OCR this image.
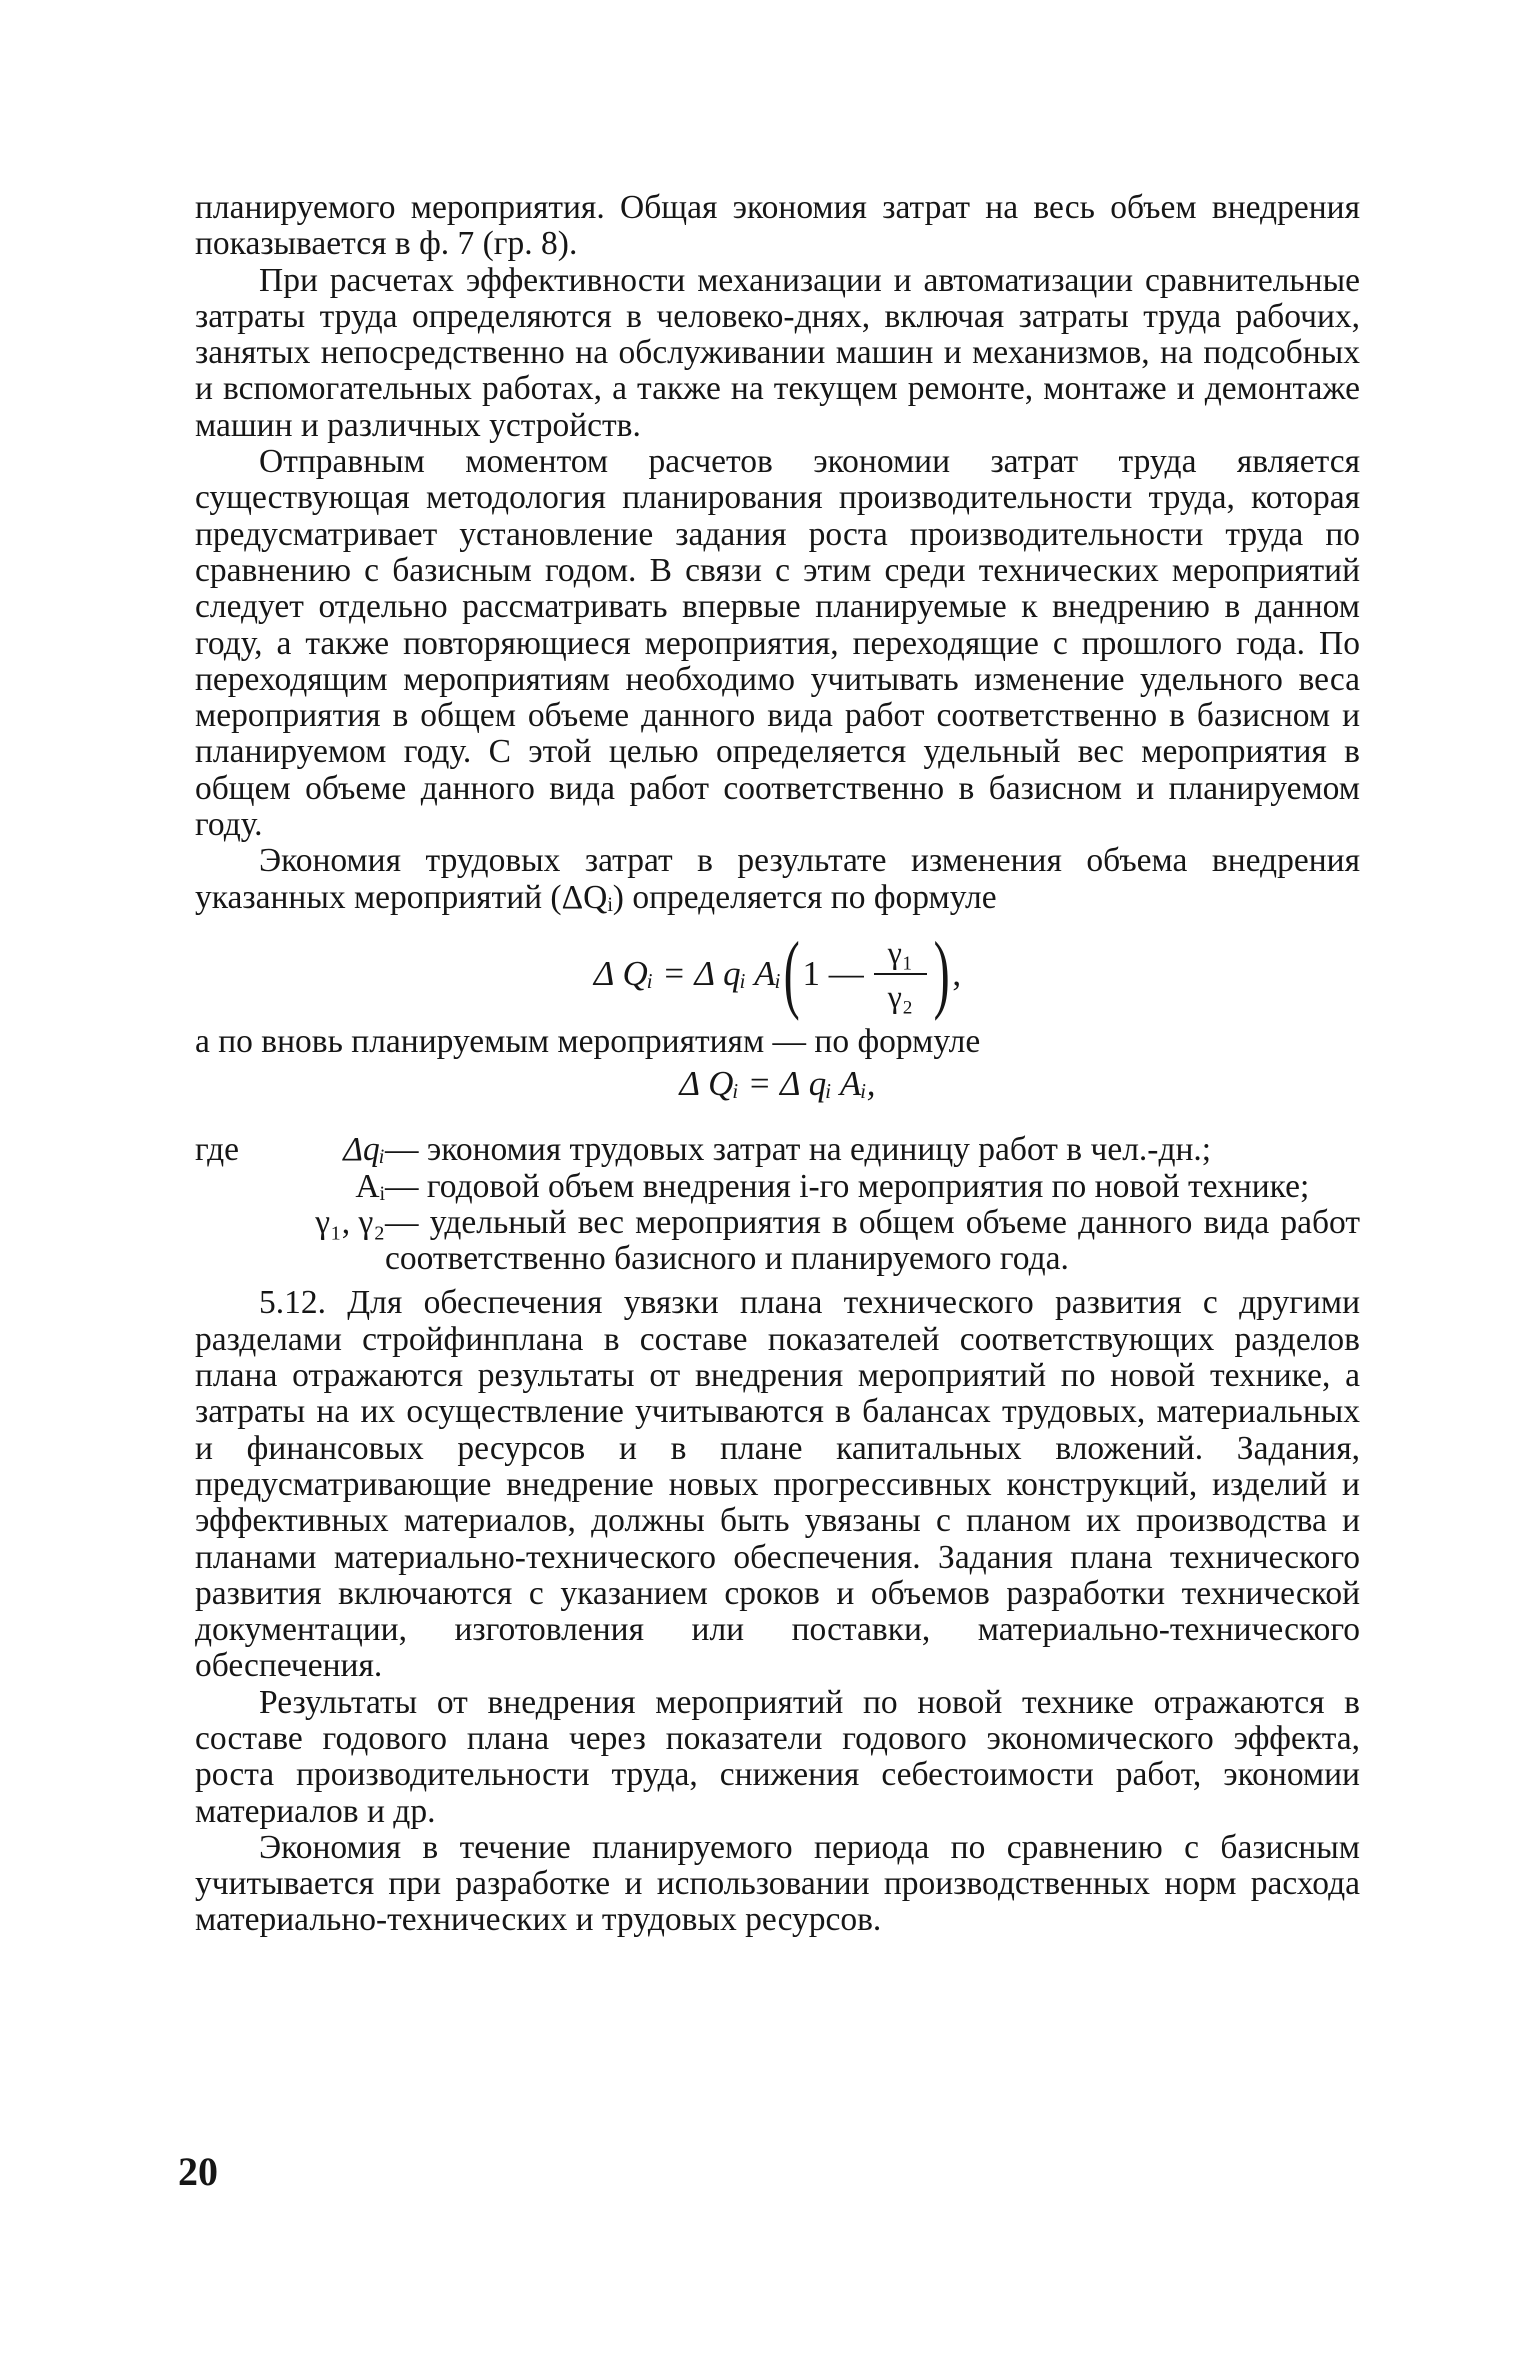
планируемого мероприятия. Общая экономия затрат на весь объем внедрения показывается в ф. 7 (гр. 8).

При расчетах эффективности механизации и автоматизации сравнительные затраты труда определяются в человеко-днях, включая затраты труда рабочих, занятых непосредственно на обслуживании машин и механизмов, на подсобных и вспомогательных работах, а также на текущем ремонте, монтаже и демонтаже машин и различных устройств.

Отправным моментом расчетов экономии затрат труда является существующая методология планирования производительности труда, которая предусматривает установление задания роста производительности труда по сравнению с базисным годом. В связи с этим среди технических мероприятий следует отдельно рассматривать впервые планируемые к внедрению в данном году, а также повторяющиеся мероприятия, переходящие с прошлого года. По переходящим мероприятиям необходимо учитывать изменение удельного веса мероприятия в общем объеме данного вида работ соответственно в базисном и планируемом году. С этой целью определяется удельный вес мероприятия в общем объеме данного вида работ соответственно в базисном и планируемом году.

Экономия трудовых затрат в результате изменения объема внедрения указанных мероприятий (ΔQᵢ) определяется по формуле

Δ Qᵢ = Δ qᵢ Aᵢ ( 1 — $\frac{\text{γ₁}}{\text{γ₂}}$ ) ,

а по вновь планируемым мероприятиям — по формуле

Δ Qᵢ = Δ qᵢ Aᵢ,
где	Δqᵢ — экономия трудовых затрат на единицу работ в чел.-дн.;
Aᵢ — годовой объем внедрения i-го мероприятия по новой технике;
γ₁, γ₂ — удельный вес мероприятия в общем объеме данного вида работ соответственно базисного и планируемого года.

5.12. Для обеспечения увязки плана технического развития с другими разделами стройфинплана в составе показателей соответствующих разделов плана отражаются результаты от внедрения мероприятий по новой технике, а затраты на их осуществление учитываются в балансах трудовых, материальных и финансовых ресурсов и в плане капитальных вложений. Задания, предусматривающие внедрение новых прогрессивных конструкций, изделий и эффективных материалов, должны быть увязаны с планом их производства и планами материально-технического обеспечения. Задания плана технического развития включаются с указанием сроков и объемов разработки технической документации, изготовления или поставки, материально-технического обеспечения.

Результаты от внедрения мероприятий по новой технике отражаются в составе годового плана через показатели годового экономического эффекта, роста производительности труда, снижения себестоимости работ, экономии материалов и др.

Экономия в течение планируемого периода по сравнению с базисным учитывается при разработке и использовании производственных норм расхода материально-технических и трудовых ресурсов.

20
